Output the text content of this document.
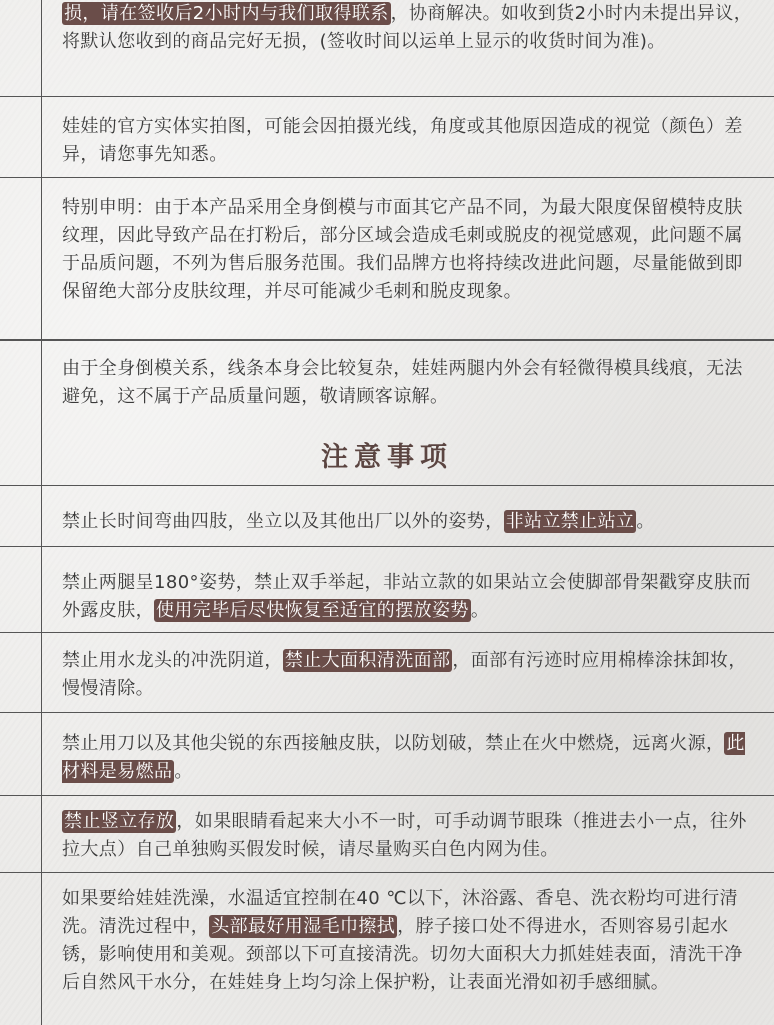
损，请在签收后2小时内与我们取得联系 ，协商解决。如收到货2小时内未提出异议，将默认您收到的商品完好无损，(签收时间以运单上显示的收货时间为准)。

娃娃的官方实体实拍图，可能会因拍摄光线，角度或其他原因造成的视觉（颜色）差异，请您事先知悉。

特别申明：由于本产品采用全身倒模与市面其它产品不同，为最大限度保留模特皮肤纹理，因此导致产品在打粉后，部分区域会造成毛刺或脱皮的视觉感观，此问题不属于品质问题，不列为售后服务范围。我们品牌方也将持续改进此问题，尽量能做到即保留绝大部分皮肤纹理，并尽可能减少毛刺和脱皮现象。

由于全身倒模关系，线条本身会比较复杂，娃娃两腿内外会有轻微得模具线痕，无法避免，这不属于产品质量问题，敬请顾客谅解。

注意事项

禁止长时间弯曲四肢，坐立以及其他出厂以外的姿势， 非站立禁止站立 。

禁止两腿呈180°姿势，禁止双手举起，非站立款的如果站立会使脚部骨架戳穿皮肤而外露皮肤， 使用完毕后尽快恢复至适宜的摆放姿势 。

禁止用水龙头的冲洗阴道， 禁止大面积清洗面部 ，面部有污迹时应用棉棒涂抹卸妆，慢慢清除。

禁止用刀以及其他尖锐的东西接触皮肤，以防划破，禁止在火中燃烧，远离火源， 此材料是易燃品 。

禁止竖立存放 ，如果眼睛看起来大小不一时，可手动调节眼珠（推进去小一点，往外拉大点）自己单独购买假发时候，请尽量购买白色内网为佳。

如果要给娃娃洗澡，水温适宜控制在40 ℃以下，沐浴露、香皂、洗衣粉均可进行清洗。清洗过程中， 头部最好用湿毛巾擦拭 ，脖子接口处不得进水，否则容易引起水锈，影响使用和美观。颈部以下可直接清洗。切勿大面积大力抓娃娃表面，清洗干净后自然风干水分，在娃娃身上均匀涂上保护粉，让表面光滑如初手感细腻。
